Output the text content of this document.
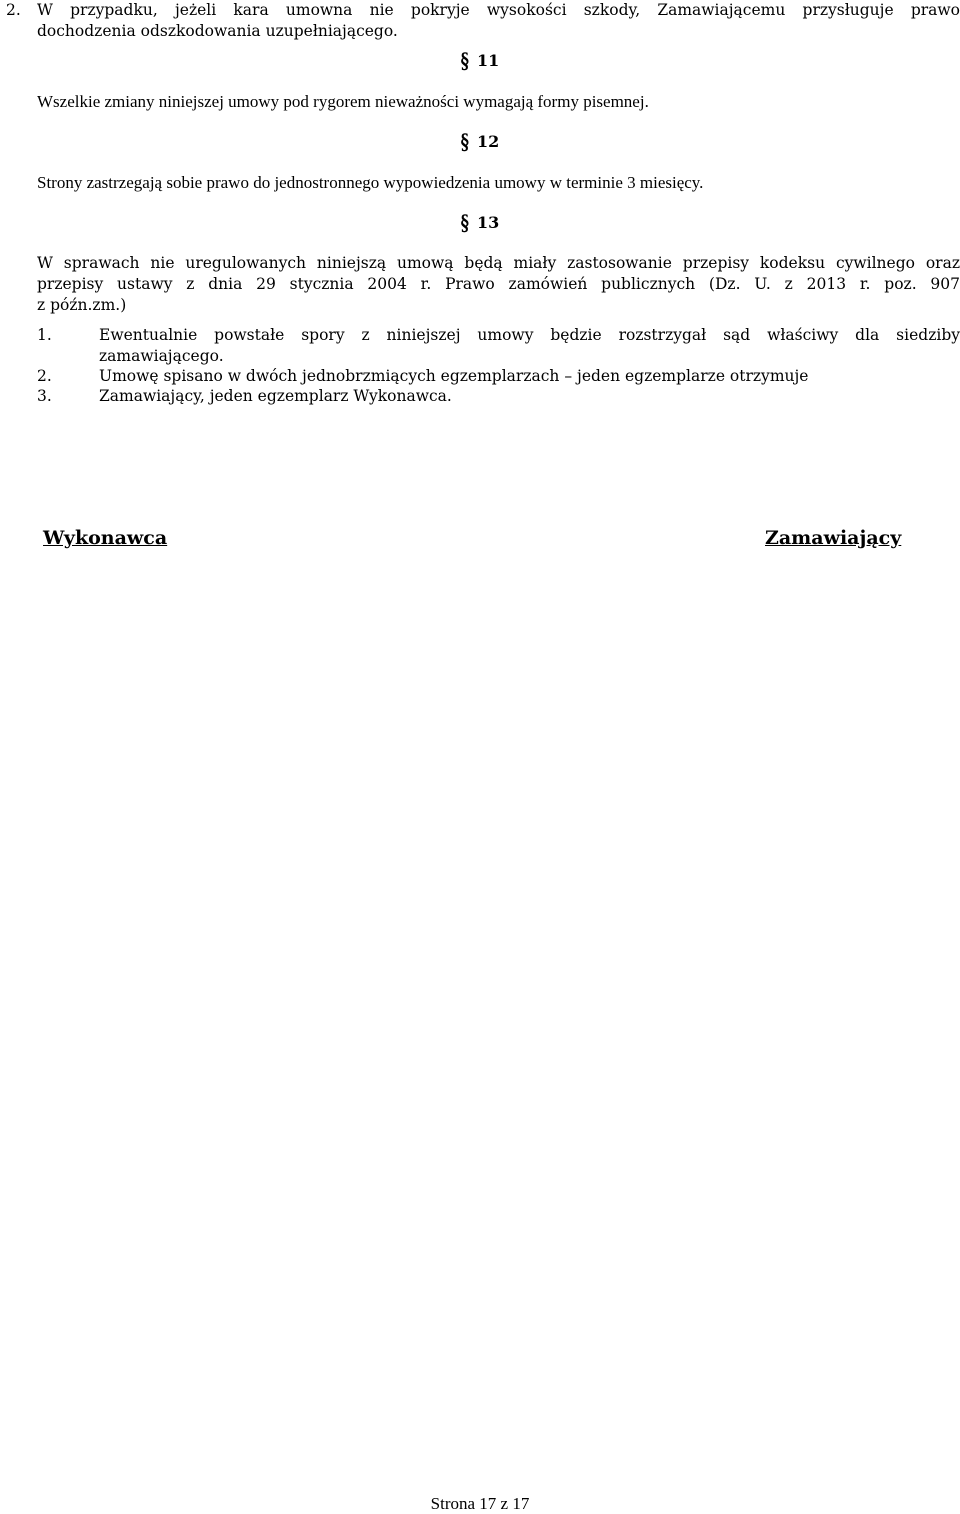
2.	W przypadku, jeżeli kara umowna nie pokryje wysokości szkody, Zamawiającemu przysługuje prawo
dochodzenia odszkodowania uzupełniającego.
§ 11
Wszelkie zmiany niniejszej umowy pod rygorem nieważności wymagają formy pisemnej.
§ 12
Strony zastrzegają sobie prawo do jednostronnego wypowiedzenia umowy w terminie 3 miesięcy.
§ 13
W sprawach nie uregulowanych niniejszą umową będą miały zastosowanie przepisy kodeksu cywilnego oraz
przepisy ustawy z dnia 29 stycznia 2004 r. Prawo zamówień publicznych (Dz. U. z 2013 r. poz. 907
z późn.zm.)
1.	Ewentualnie powstałe spory z niniejszej umowy będzie rozstrzygał sąd właściwy dla siedziby
zamawiającego.
2.	Umowę spisano w dwóch jednobrzmiących egzemplarzach – jeden egzemplarze otrzymuje
3.	Zamawiający, jeden egzemplarz Wykonawca.
Wykonawca	Zamawiający
Strona 17 z 17
